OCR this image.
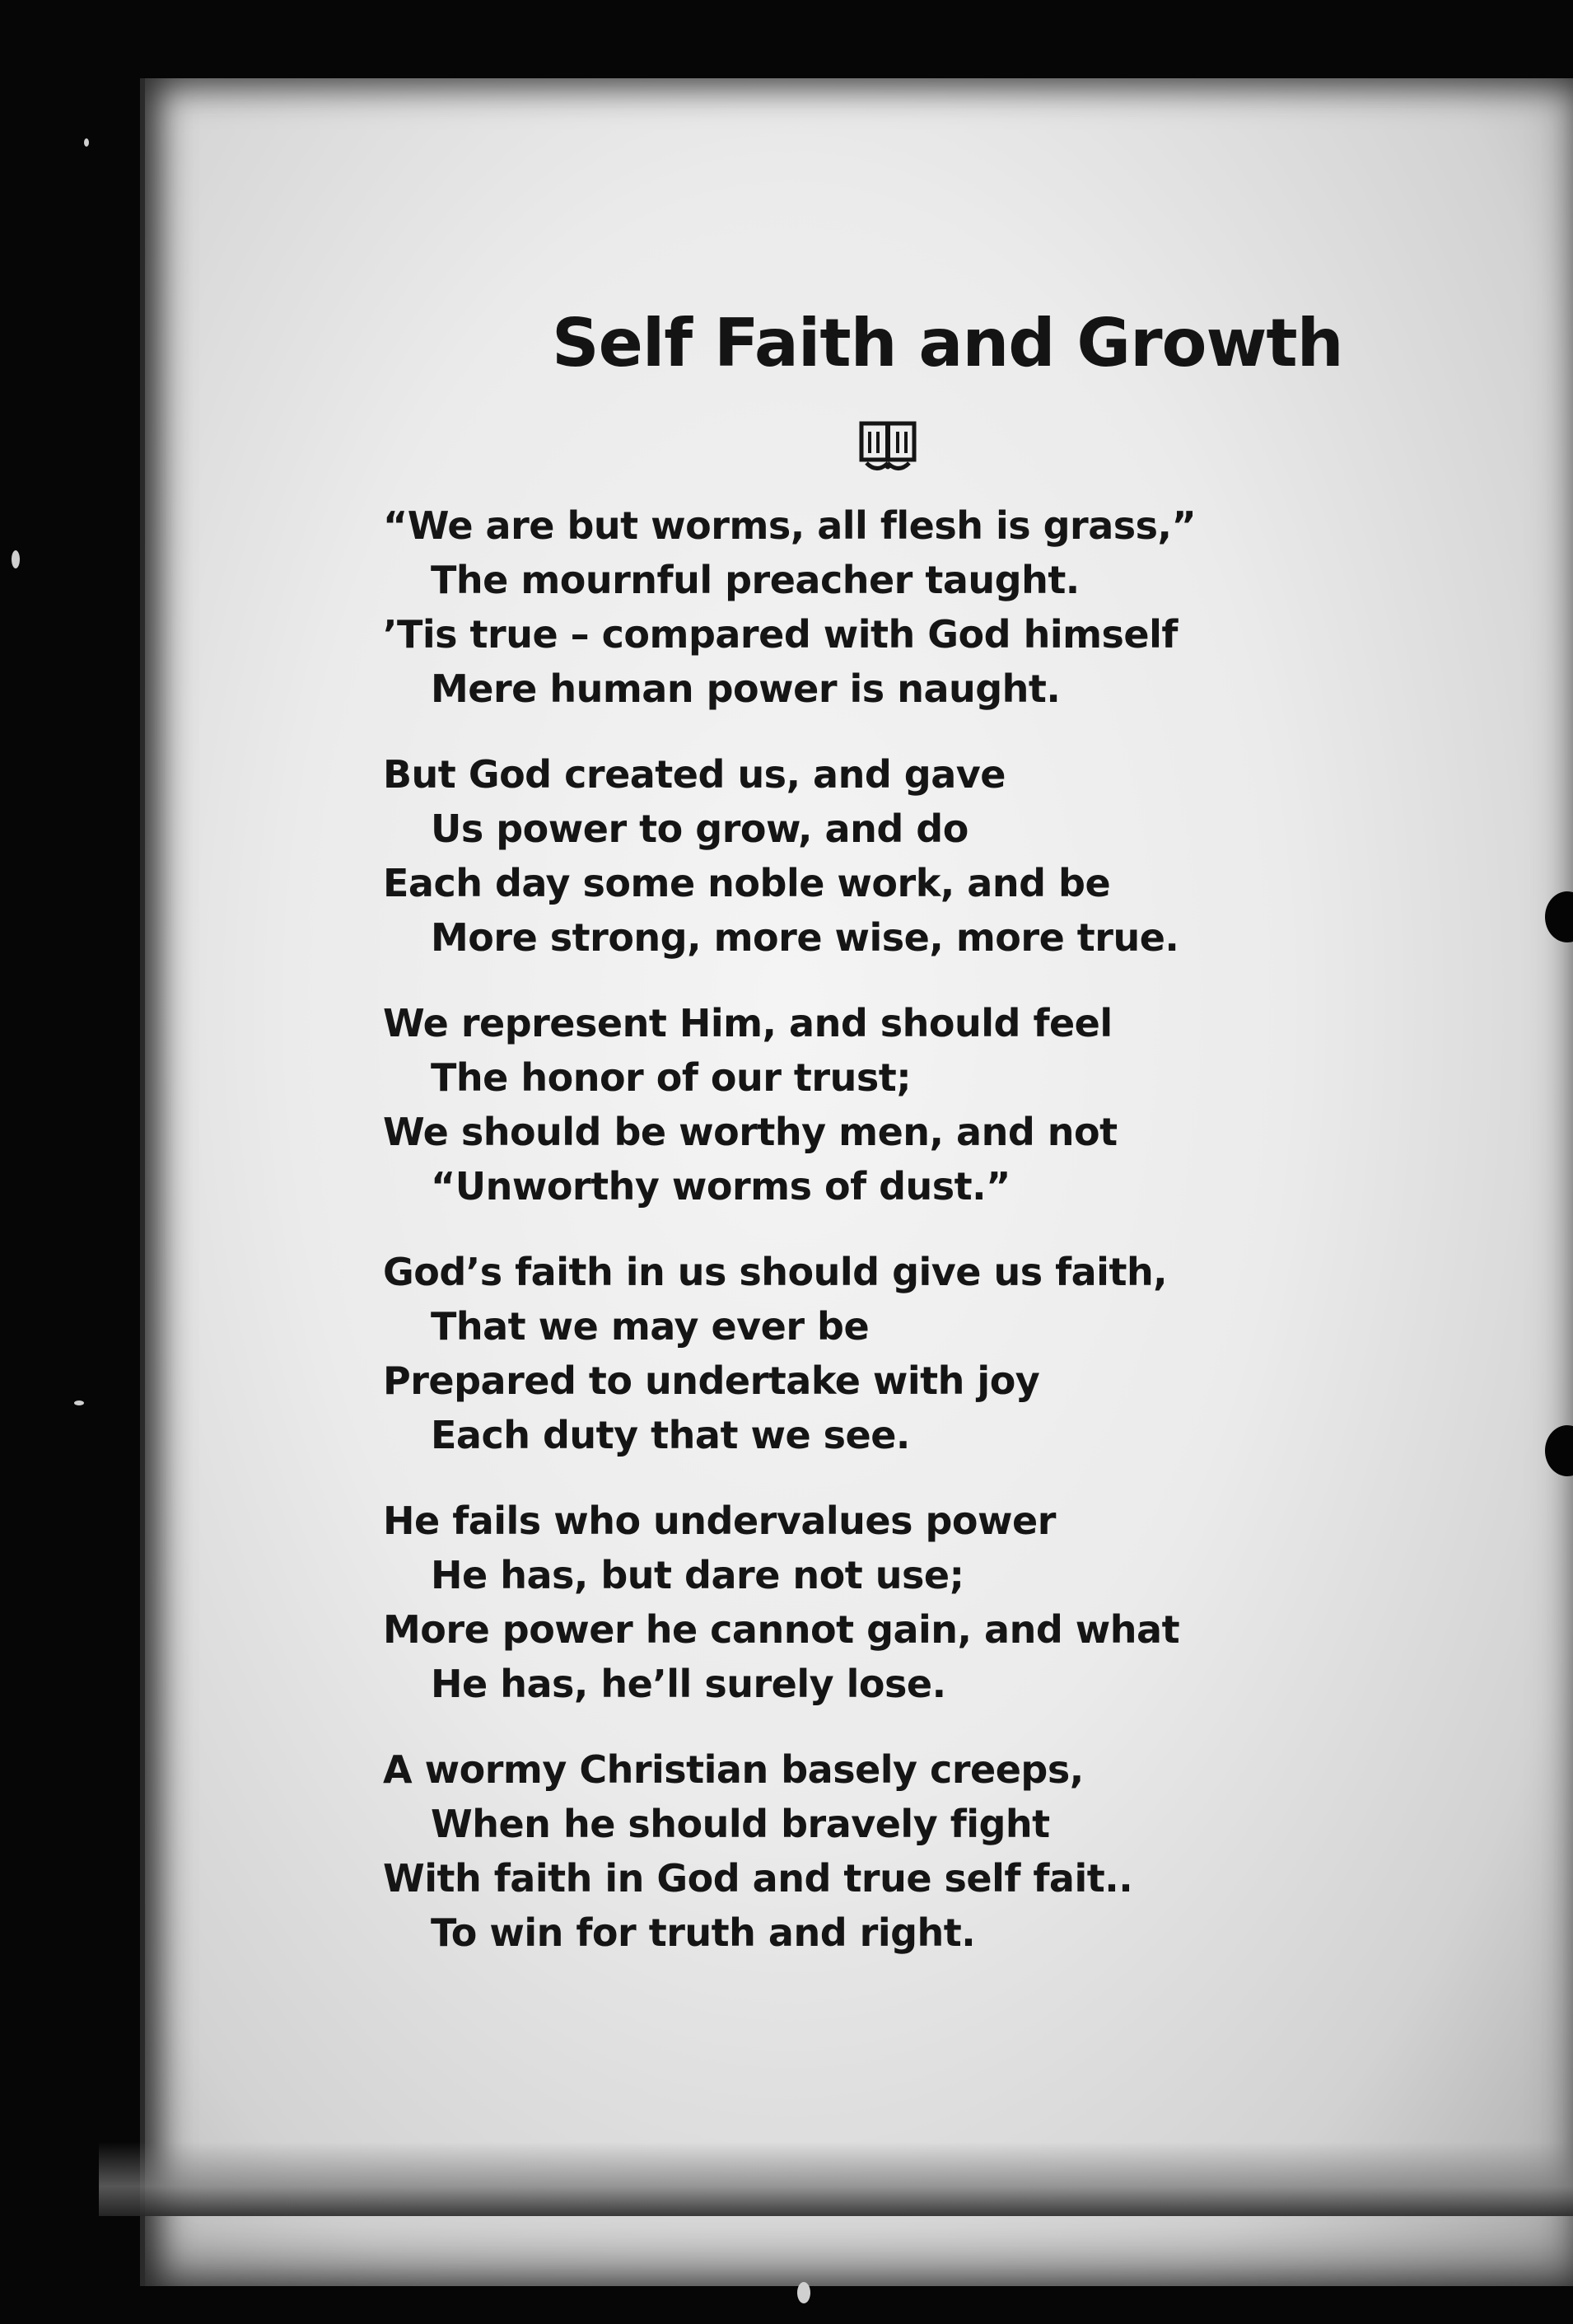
Self Faith and Growth
“We are but worms, all flesh is grass,”
The mournful preacher taught.
’Tis true – compared with God himself
Mere human power is naught.
But God created us, and gave
Us power to grow, and do
Each day some noble work, and be
More strong, more wise, more true.
We represent Him, and should feel
The honor of our trust;
We should be worthy men, and not
“Unworthy worms of dust.”
God’s faith in us should give us faith,
That we may ever be
Prepared to undertake with joy
Each duty that we see.
He fails who undervalues power
He has, but dare not use;
More power he cannot gain, and what
He has, he’ll surely lose.
A wormy Christian basely creeps,
When he should bravely fight
With faith in God and true self fait..
To win for truth and right.
